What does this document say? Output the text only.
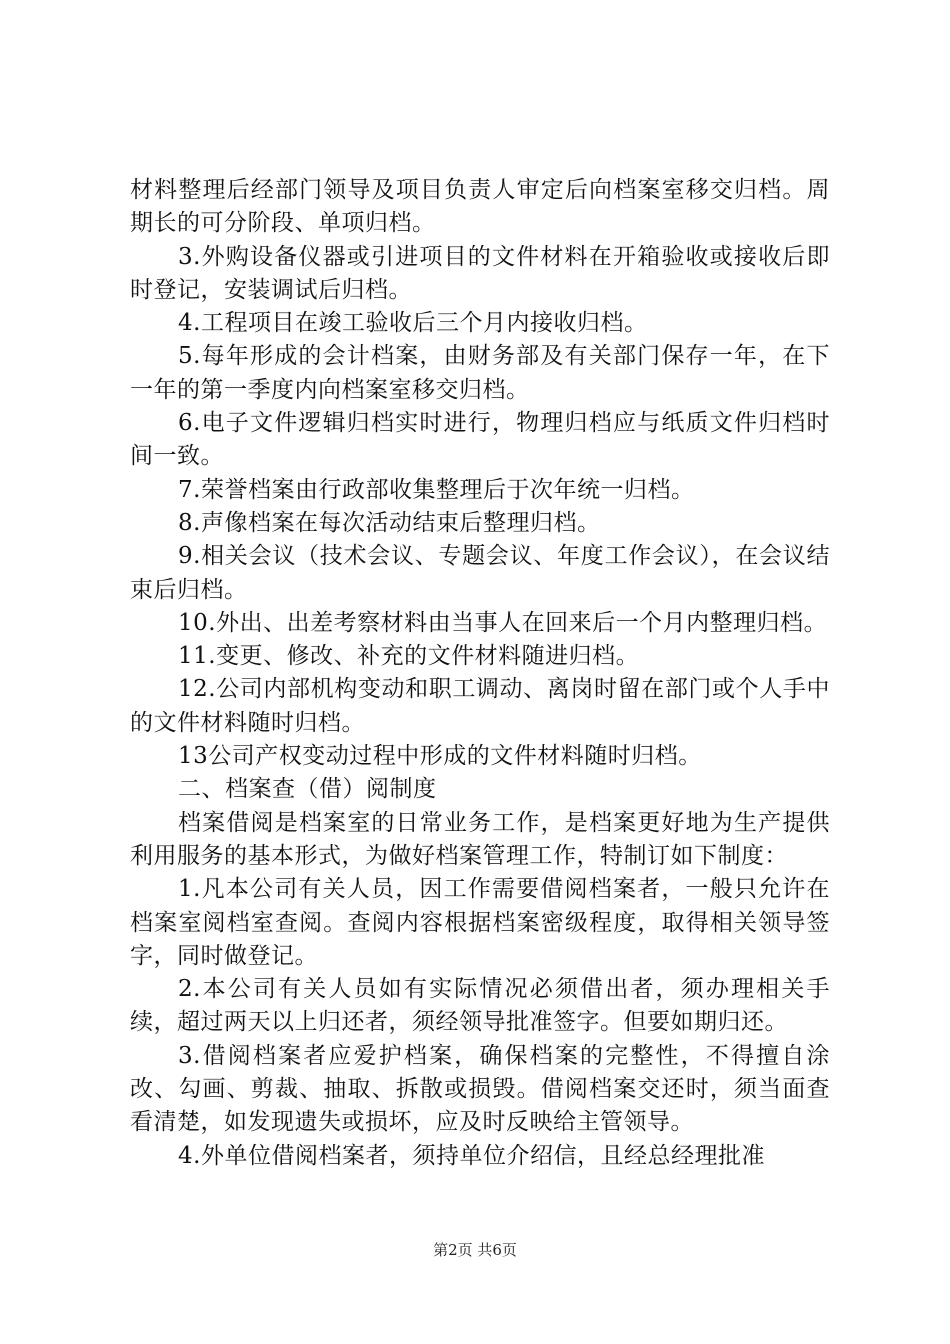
材料整理后经部门领导及项目负责人审定后向档案室移交归档。周期长的可分阶段、单项归档。

3.外购设备仪器或引进项目的文件材料在开箱验收或接收后即时登记，安装调试后归档。

4.工程项目在竣工验收后三个月内接收归档。

5.每年形成的会计档案，由财务部及有关部门保存一年，在下一年的第一季度内向档案室移交归档。

6.电子文件逻辑归档实时进行，物理归档应与纸质文件归档时间一致。

7.荣誉档案由行政部收集整理后于次年统一归档。

8.声像档案在每次活动结束后整理归档。

9.相关会议（技术会议、专题会议、年度工作会议），在会议结束后归档。

10.外出、出差考察材料由当事人在回来后一个月内整理归档。

11.变更、修改、补充的文件材料随进归档。

12.公司内部机构变动和职工调动、离岗时留在部门或个人手中的文件材料随时归档。

13公司产权变动过程中形成的文件材料随时归档。

二、档案查（借）阅制度

档案借阅是档案室的日常业务工作，是档案更好地为生产提供利用服务的基本形式，为做好档案管理工作，特制订如下制度：

1.凡本公司有关人员，因工作需要借阅档案者，一般只允许在档案室阅档室查阅。查阅内容根据档案密级程度，取得相关领导签字，同时做登记。

2.本公司有关人员如有实际情况必须借出者，须办理相关手续，超过两天以上归还者，须经领导批准签字。但要如期归还。

3.借阅档案者应爱护档案，确保档案的完整性，不得擅自涂改、勾画、剪裁、抽取、拆散或损毁。借阅档案交还时，须当面查看清楚，如发现遗失或损坏，应及时反映给主管领导。

4.外单位借阅档案者，须持单位介绍信，且经总经理批准

第2页 共6页
